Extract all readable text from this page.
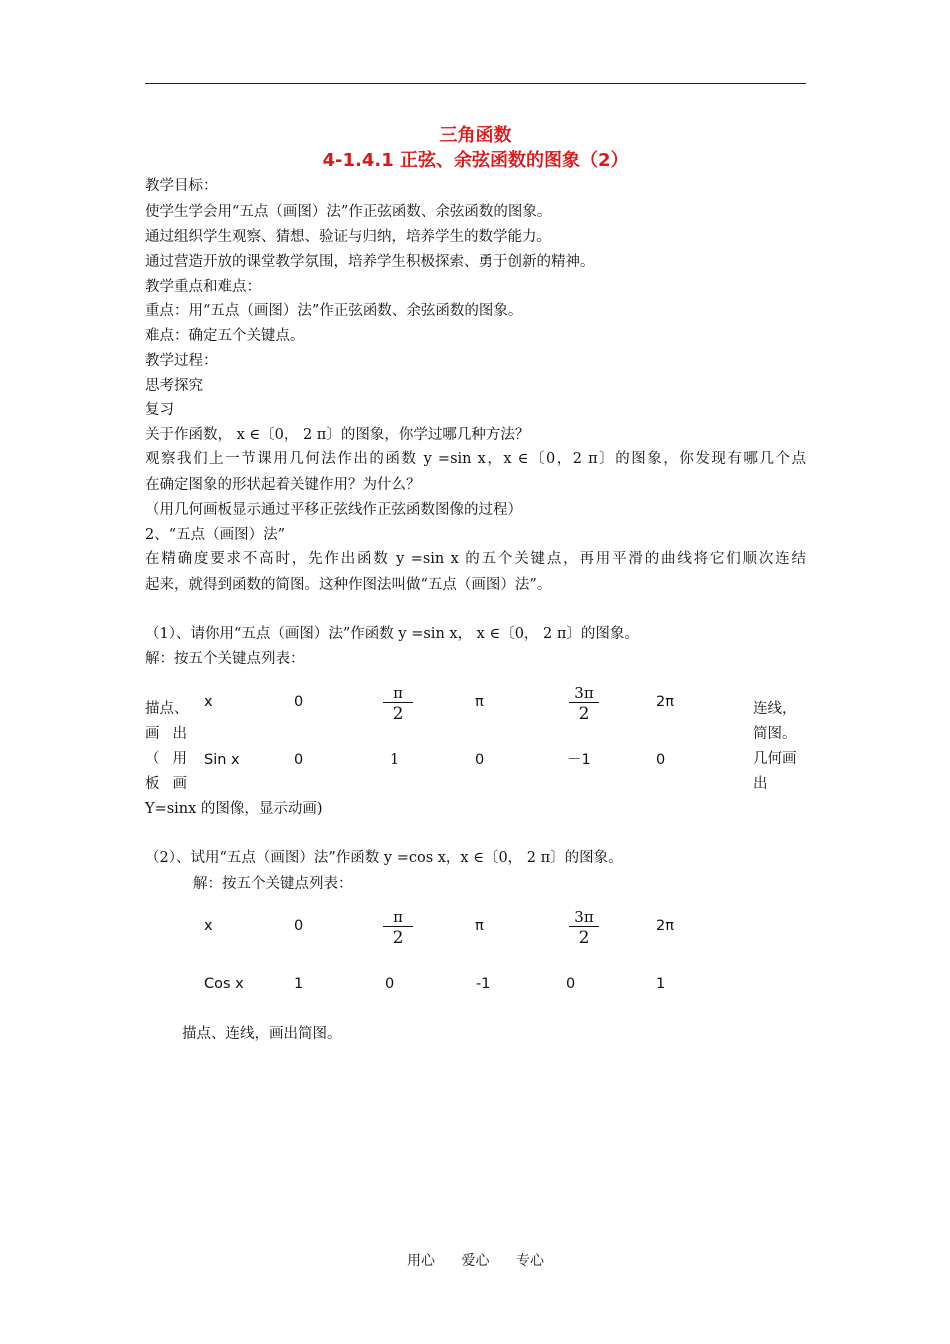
三角函数
4-1.4.1 正弦、余弦函数的图象（2）
教学目标：
使学生学会用“五点（画图）法”作正弦函数、余弦函数的图象。
通过组织学生观察、猜想、验证与归纳，培养学生的数学能力。
通过营造开放的课堂教学氛围，培养学生积极探索、勇于创新的精神。
教学重点和难点：
重点：用“五点（画图）法”作正弦函数、余弦函数的图象。
难点：确定五个关键点。
教学过程：
思考探究
复习
关于作函数， x ∈〔0， 2 π〕的图象，你学过哪几种方法？
观察我们上一节课用几何法作出的函数 y =sin x，x ∈〔0，2 π〕的图象，你发现有哪几个点
在确定图象的形状起着关键作用？为什么？
（用几何画板显示通过平移正弦线作正弦函数图像的过程）
2、“五点（画图）法”
在精确度要求不高时，先作出函数 y =sin x 的五个关键点，再用平滑的曲线将它们顺次连结
起来，就得到函数的简图。这种作图法叫做“五点（画图）法”。
（1）、请你用“五点（画图）法”作函数 y =sin x， x ∈〔0， 2 π〕的图象。
解：按五个关键点列表：
描点、
画 出
（ 用
板 画
Y=sinx 的图像，显示动画)
x	0	$\frac{\pi}{2}$	π	$\frac{3\pi}{2}$	2π
Sin x	0	1	0	－1	0
连线，
简图。
几何画
出
（2）、试用“五点（画图）法”作函数 y =cos x，x ∈〔0， 2 π〕的图象。
解：按五个关键点列表：
x	0	$\frac{\pi}{2}$	π	$\frac{3\pi}{2}$	2π
Cos x	1	0	-1	0	1
描点、连线，画出简图。
用心 爱心 专心
